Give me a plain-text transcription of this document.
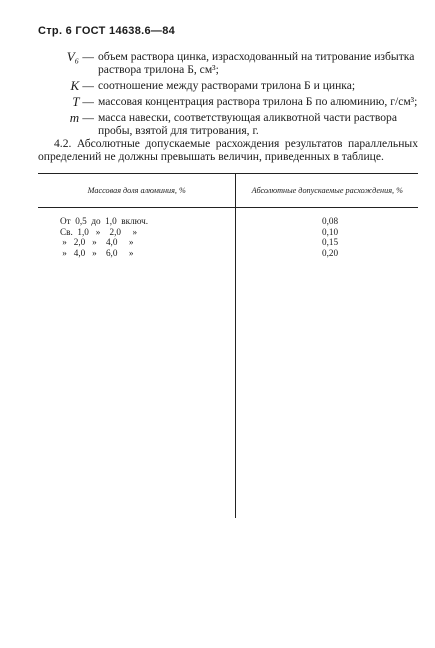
Стр. 6 ГОСТ 14638.6—84
V₆ — объем раствора цинка, израсходованный на титрование избытка раствора трилона Б, см³;
K — соотношение между растворами трилона Б и цинка;
T — массовая концентрация раствора трилона Б по алюминию, г/см³;
m — масса навески, соответствующая аликвотной части раствора пробы, взятой для титрования, г.
4.2. Абсолютные допускаемые расхождения результатов параллельных определений не должны превышать величин, приведенных в таблице.
Массовая доля алюминия, %	Абсолютные допускаемые расхождения, %
От  0,5  до  1,0  включ.
Св.  1,0   »    2,0     »
»   2,0   »    4,0     »
»   4,0   »    6,0     »
0,08
0,10
0,15
0,20
